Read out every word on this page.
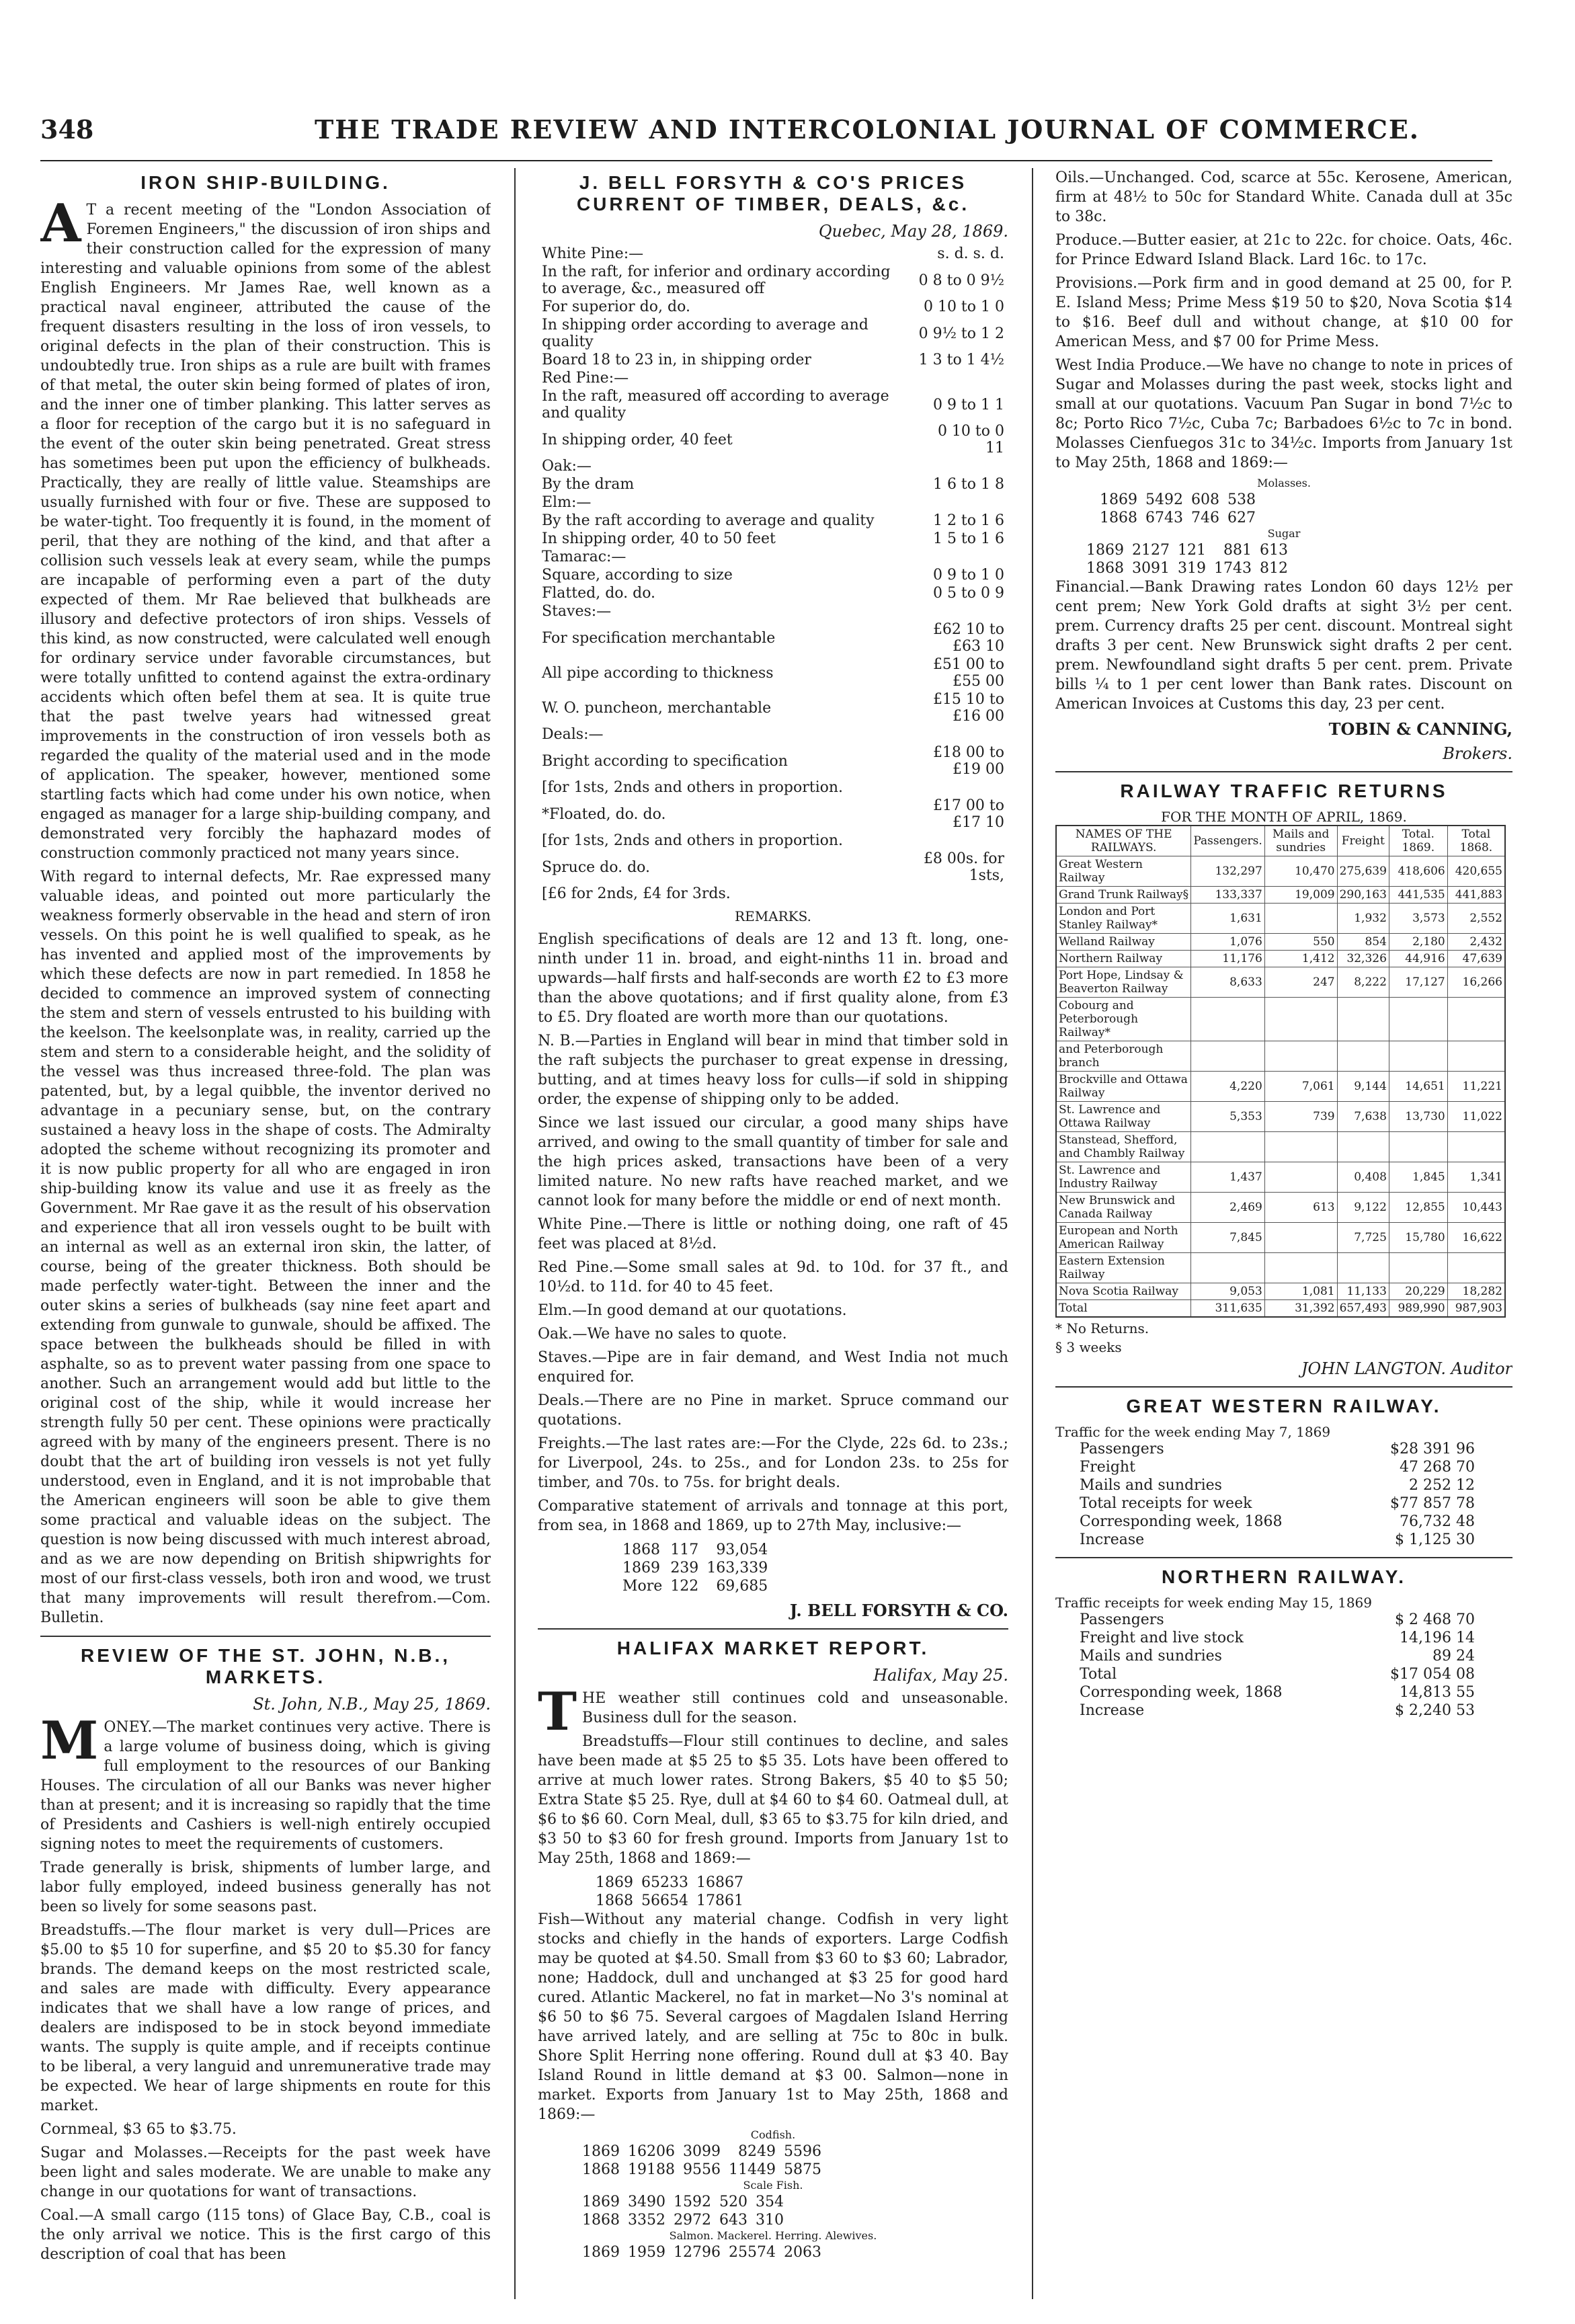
348	THE TRADE REVIEW AND INTERCOLONIAL JOURNAL OF COMMERCE.
IRON SHIP-BUILDING.

A T a recent meeting of the "London Association of Foremen Engineers," the discussion of iron ships and their construction called for the expression of many interesting and valuable opinions from some of the ablest English Engineers. Mr James Rae, well known as a practical naval engineer, attributed the cause of the frequent disasters resulting in the loss of iron vessels, to original defects in the plan of their construction. This is undoubtedly true. Iron ships as a rule are built with frames of that metal, the outer skin being formed of plates of iron, and the inner one of timber planking. This latter serves as a floor for reception of the cargo but it is no safeguard in the event of the outer skin being penetrated. Great stress has sometimes been put upon the efficiency of bulkheads. Practically, they are really of little value. Steamships are usually furnished with four or five. These are supposed to be water-tight. Too frequently it is found, in the moment of peril, that they are nothing of the kind, and that after a collision such vessels leak at every seam, while the pumps are incapable of performing even a part of the duty expected of them. Mr Rae believed that bulkheads are illusory and defective protectors of iron ships. Vessels of this kind, as now constructed, were calculated well enough for ordinary service under favorable circumstances, but were totally unfitted to contend against the extra-ordinary accidents which often befel them at sea. It is quite true that the past twelve years had witnessed great improvements in the construction of iron vessels both as regarded the quality of the material used and in the mode of application. The speaker, however, mentioned some startling facts which had come under his own notice, when engaged as manager for a large ship-building company, and demonstrated very forcibly the haphazard modes of construction commonly practiced not many years since.

With regard to internal defects, Mr. Rae expressed many valuable ideas, and pointed out more particularly the weakness formerly observable in the head and stern of iron vessels. On this point he is well qualified to speak, as he has invented and applied most of the improvements by which these defects are now in part remedied. In 1858 he decided to commence an improved system of connecting the stem and stern of vessels entrusted to his building with the keelson. The keelsonplate was, in reality, carried up the stem and stern to a considerable height, and the solidity of the vessel was thus increased three-fold. The plan was patented, but, by a legal quibble, the inventor derived no advantage in a pecuniary sense, but, on the contrary sustained a heavy loss in the shape of costs. The Admiralty adopted the scheme without recognizing its promoter and it is now public property for all who are engaged in iron ship-building know its value and use it as freely as the Government. Mr Rae gave it as the result of his observation and experience that all iron vessels ought to be built with an internal as well as an external iron skin, the latter, of course, being of the greater thickness. Both should be made perfectly water-tight. Between the inner and the outer skins a series of bulkheads (say nine feet apart and extending from gunwale to gunwale, should be affixed. The space between the bulkheads should be filled in with asphalte, so as to prevent water passing from one space to another. Such an arrangement would add but little to the original cost of the ship, while it would increase her strength fully 50 per cent. These opinions were practically agreed with by many of the engineers present. There is no doubt that the art of building iron vessels is not yet fully understood, even in England, and it is not improbable that the American engineers will soon be able to give them some practical and valuable ideas on the subject. The question is now being discussed with much interest abroad, and as we are now depending on British shipwrights for most of our first-class vessels, both iron and wood, we trust that many improvements will result therefrom.—Com. Bulletin.

REVIEW OF THE ST. JOHN, N.B., MARKETS.
St. John, N.B., May 25, 1869.

MONEY.—The market continues very active. There is a large volume of business doing, which is giving full employment to the resources of our Banking Houses. The circulation of all our Banks was never higher than at present; and it is increasing so rapidly that the time of Presidents and Cashiers is well-nigh entirely occupied signing notes to meet the requirements of customers.

Trade generally is brisk, shipments of lumber large, and labor fully employed, indeed business generally has not been so lively for some seasons past.

Breadstuffs.—The flour market is very dull—Prices are $5.00 to $5 10 for superfine, and $5 20 to $5.30 for fancy brands. The demand keeps on the most restricted scale, and sales are made with difficulty. Every appearance indicates that we shall have a low range of prices, and dealers are indisposed to be in stock beyond immediate wants. The supply is quite ample, and if receipts continue to be liberal, a very languid and unremunerative trade may be expected. We hear of large shipments en route for this market.

Cornmeal, $3 65 to $3.75.

Sugar and Molasses.—Receipts for the past week have been light and sales moderate. We are unable to make any change in our quotations for want of transactions.

Coal.—A small cargo (115 tons) of Glace Bay, C.B., coal is the only arrival we notice. This is the first cargo of this description of coal that has been

J. BELL FORSYTH & CO'S PRICES CURRENT OF TIMBER, DEALS, &c.
Quebec, May 28, 1869.
White Pine:—	s. d. s. d.
In the raft, for inferior and ordinary according to average, &c., measured off	0 8 to 0 9½
For superior do, do.	0 10 to 1 0
In shipping order according to average and quality	0 9½ to 1 2
Board 18 to 23 in, in shipping order	1 3 to 1 4½
Red Pine:—	
In the raft, measured off according to average and quality	0 9 to 1 1
In shipping order, 40 feet	0 10 to 0 11
Oak:—	
By the dram	1 6 to 1 8
Elm:—	
By the raft according to average and quality	1 2 to 1 6
In shipping order, 40 to 50 feet	1 5 to 1 6
Tamarac:—	
Square, according to size	0 9 to 1 0
Flatted, do. do.	0 5 to 0 9
Staves:—	
For specification merchantable	£62 10 to £63 10
All pipe according to thickness	£51 00 to £55 00
W. O. puncheon, merchantable	£15 10 to £16 00
Deals:—	
Bright according to specification	£18 00 to £19 00
[for 1sts, 2nds and others in proportion.	
*Floated, do. do.	£17 00 to £17 10
[for 1sts, 2nds and others in proportion.	
Spruce do. do.	£8 00s. for 1sts,
[£6 for 2nds, £4 for 3rds.	
REMARKS.

English specifications of deals are 12 and 13 ft. long, one-ninth under 11 in. broad, and eight-ninths 11 in. broad and upwards—half firsts and half-seconds are worth £2 to £3 more than the above quotations; and if first quality alone, from £3 to £5. Dry floated are worth more than our quotations.

N. B.—Parties in England will bear in mind that timber sold in the raft subjects the purchaser to great expense in dressing, butting, and at times heavy loss for culls—if sold in shipping order, the expense of shipping only to be added.

Since we last issued our circular, a good many ships have arrived, and owing to the small quantity of timber for sale and the high prices asked, transactions have been of a very limited nature. No new rafts have reached market, and we cannot look for many before the middle or end of next month.

White Pine.—There is little or nothing doing, one raft of 45 feet was placed at 8½d.

Red Pine.—Some small sales at 9d. to 10d. for 37 ft., and 10½d. to 11d. for 40 to 45 feet.

Elm.—In good demand at our quotations.

Oak.—We have no sales to quote.

Staves.—Pipe are in fair demand, and West India not much enquired for.

Deals.—There are no Pine in market. Spruce command our quotations.

Freights.—The last rates are:—For the Clyde, 22s 6d. to 23s.; for Liverpool, 24s. to 25s., and for London 23s. to 25s for timber, and 70s. to 75s. for bright deals.

Comparative statement of arrivals and tonnage at this port, from sea, in 1868 and 1869, up to 27th May, inclusive:—

1868	117	93,054
1869	239	163,339
More	122	69,685
J. BELL FORSYTH & CO.
HALIFAX MARKET REPORT.
Halifax, May 25.

THE weather still continues cold and unseasonable. Business dull for the season.

Breadstuffs—Flour still continues to decline, and sales have been made at $5 25 to $5 35. Lots have been offered to arrive at much lower rates. Strong Bakers, $5 40 to $5 50; Extra State $5 25. Rye, dull at $4 60 to $4 60. Oatmeal dull, at $6 to $6 60. Corn Meal, dull, $3 65 to $3.75 for kiln dried, and $3 50 to $3 60 for fresh ground. Imports from January 1st to May 25th, 1868 and 1869:—

1869	65233	16867
1868	56654	17861

Fish—Without any material change. Codfish in very light stocks and chiefly in the hands of exporters. Large Codfish may be quoted at $4.50. Small from $3 60 to $3 60; Labrador, none; Haddock, dull and unchanged at $3 25 for good hard cured. Atlantic Mackerel, no fat in market—No 3's nominal at $6 50 to $6 75. Several cargoes of Magdalen Island Herring have arrived lately, and are selling at 75c to 80c in bulk. Shore Split Herring none offering. Round dull at $3 40. Bay Island Round in little demand at $3 00. Salmon—none in market. Exports from January 1st to May 25th, 1868 and 1869:—

Codfish.

1869	16206	3099	8249	5596
1868	19188	9556	11449	5875
Scale Fish.

1869	3490	1592	520	354
1868	3352	2972	643	310
Salmon. Mackerel. Herring. Alewives.

1869	1959	12796	25574	2063

Oils.—Unchanged. Cod, scarce at 55c. Kerosene, American, firm at 48½ to 50c for Standard White. Canada dull at 35c to 38c.

Produce.—Butter easier, at 21c to 22c. for choice. Oats, 46c. for Prince Edward Island Black. Lard 16c. to 17c.

Provisions.—Pork firm and in good demand at 25 00, for P. E. Island Mess; Prime Mess $19 50 to $20, Nova Scotia $14 to $16. Beef dull and without change, at $10 00 for American Mess, and $7 00 for Prime Mess.

West India Produce.—We have no change to note in prices of Sugar and Molasses during the past week, stocks light and small at our quotations. Vacuum Pan Sugar in bond 7½c to 8c; Porto Rico 7½c, Cuba 7c; Barbadoes 6½c to 7c in bond. Molasses Cienfuegos 31c to 34½c. Imports from January 1st to May 25th, 1868 and 1869:—

Molasses.

1869	5492	608	538
1868	6743	746	627
Sugar

1869	2127	121	881	613
1868	3091	319	1743	812

Financial.—Bank Drawing rates London 60 days 12½ per cent prem; New York Gold drafts at sight 3½ per cent. prem. Currency drafts 25 per cent. discount. Montreal sight drafts 3 per cent. New Brunswick sight drafts 2 per cent. prem. Newfoundland sight drafts 5 per cent. prem. Private bills ¼ to 1 per cent lower than Bank rates. Discount on American Invoices at Customs this day, 23 per cent.

TOBIN & CANNING,
Brokers.
RAILWAY TRAFFIC RETURNS
FOR THE MONTH OF APRIL, 1869.
NAMES OF THE RAILWAYS.	Passengers.	Mails and sundries	Freight	Total. 1869.	Total 1868.
Great Western Railway	132,297	10,470	275,639	418,606	420,655
Grand Trunk Railway§	133,337	19,009	290,163	441,535	441,883
London and Port Stanley Railway*	1,631		1,932	3,573	2,552
Welland Railway	1,076	550	854	2,180	2,432
Northern Railway	11,176	1,412	32,326	44,916	47,639
Port Hope, Lindsay & Beaverton Railway	8,633	247	8,222	17,127	16,266
Cobourg and Peterborough Railway*					
and Peterborough branch					
Brockville and Ottawa Railway	4,220	7,061	9,144	14,651	11,221
St. Lawrence and Ottawa Railway	5,353	739	7,638	13,730	11,022
Stanstead, Shefford, and Chambly Railway					
St. Lawrence and Industry Railway	1,437		0,408	1,845	1,341
New Brunswick and Canada Railway	2,469	613	9,122	12,855	10,443
European and North American Railway	7,845		7,725	15,780	16,622
Eastern Extension Railway					
Nova Scotia Railway	9,053	1,081	11,133	20,229	18,282
Total	311,635	31,392	657,493	989,990	987,903
* No Returns.
§ 3 weeks
JOHN LANGTON. Auditor
GREAT WESTERN RAILWAY.
Traffic for the week ending May 7, 1869
Passengers	$28 391 96
Freight	47 268 70
Mails and sundries	2 252 12
Total receipts for week	$77 857 78
Corresponding week, 1868	76,732 48
Increase	$ 1,125 30
NORTHERN RAILWAY.
Traffic receipts for week ending May 15, 1869
Passengers	$ 2 468 70
Freight and live stock	14,196 14
Mails and sundries	89 24
Total	$17 054 08
Corresponding week, 1868	14,813 55
Increase	$ 2,240 53
